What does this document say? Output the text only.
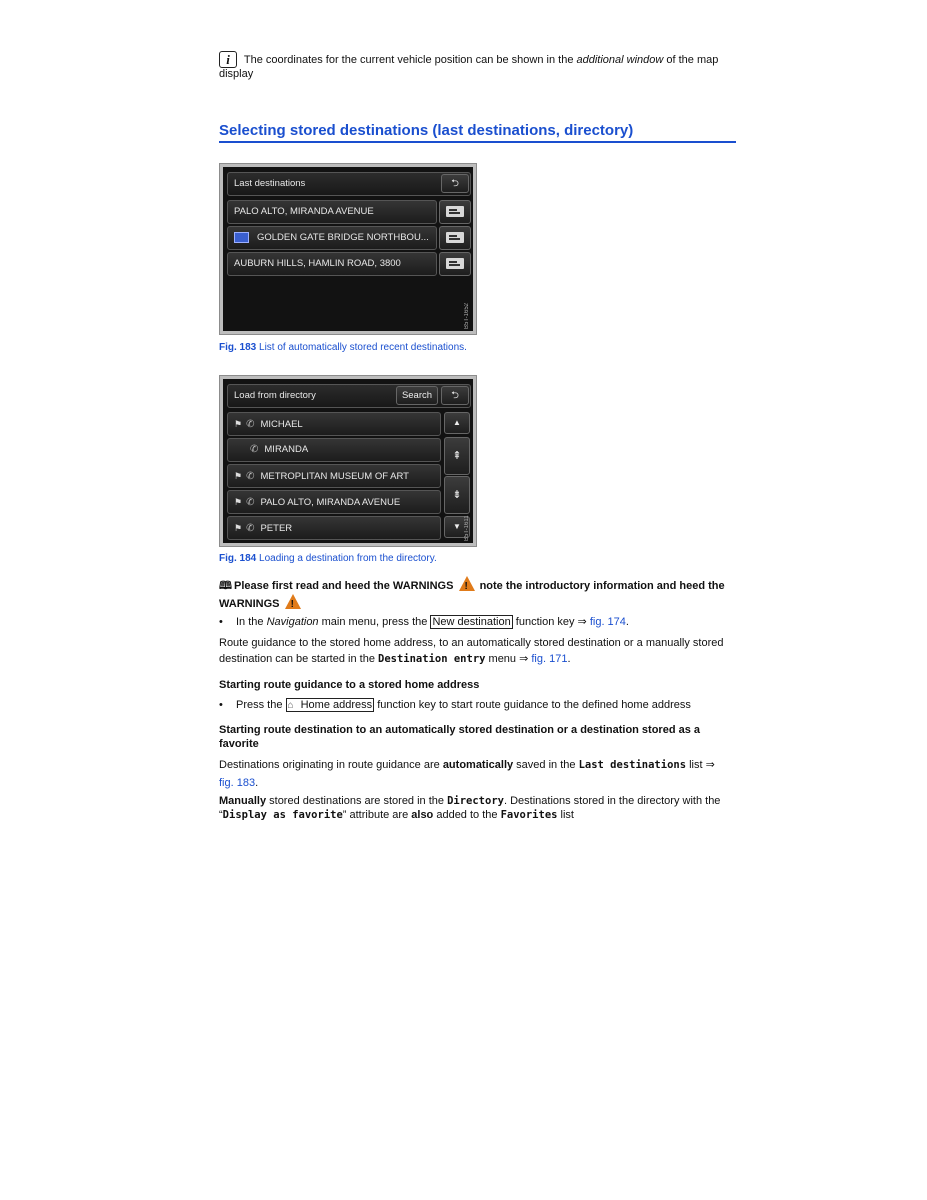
i The coordinates for the current vehicle position can be shown in the additional window of the map display
Selecting stored destinations (last destinations, directory)
Last destinations	⮌
PALO ALTO, MIRANDA AVENUE
GOLDEN GATE BRIDGE NORTHBOU...
AUBURN HILLS, HAMLIN ROAD, 3800
B5T-1652
Fig. 183 List of automatically stored recent destinations.
Load from directory	Search	⮌
⚑ ✆ MICHAEL
✆ MIRANDA
⚑ ✆ METROPLITAN MUSEUM OF ART
⚑ ✆ PALO ALTO, MIRANDA AVENUE
⚑ ✆ PETER
▲
⇞
⇟
▼ B5T-1611
Fig. 184 Loading a destination from the directory.
🕮 Please first read and heed the WARNINGS ! note the introductory information and heed the WARNINGS !
• In the Navigation main menu, press the New destination function key ⇒ fig. 174.
Route guidance to the stored home address, to an automatically stored destination or a manually stored destination can be started in the Destination entry menu ⇒ fig. 171.
Starting route guidance to a stored home address
• Press the ⌂ Home address function key to start route guidance to the defined home address
Starting route destination to an automatically stored destination or a destination stored as a favorite
Destinations originating in route guidance are automatically saved in the Last destinations list ⇒ fig. 183.
Manually stored destinations are stored in the Directory. Destinations stored in the directory with the “Display as favorite” attribute are also added to the Favorites list
